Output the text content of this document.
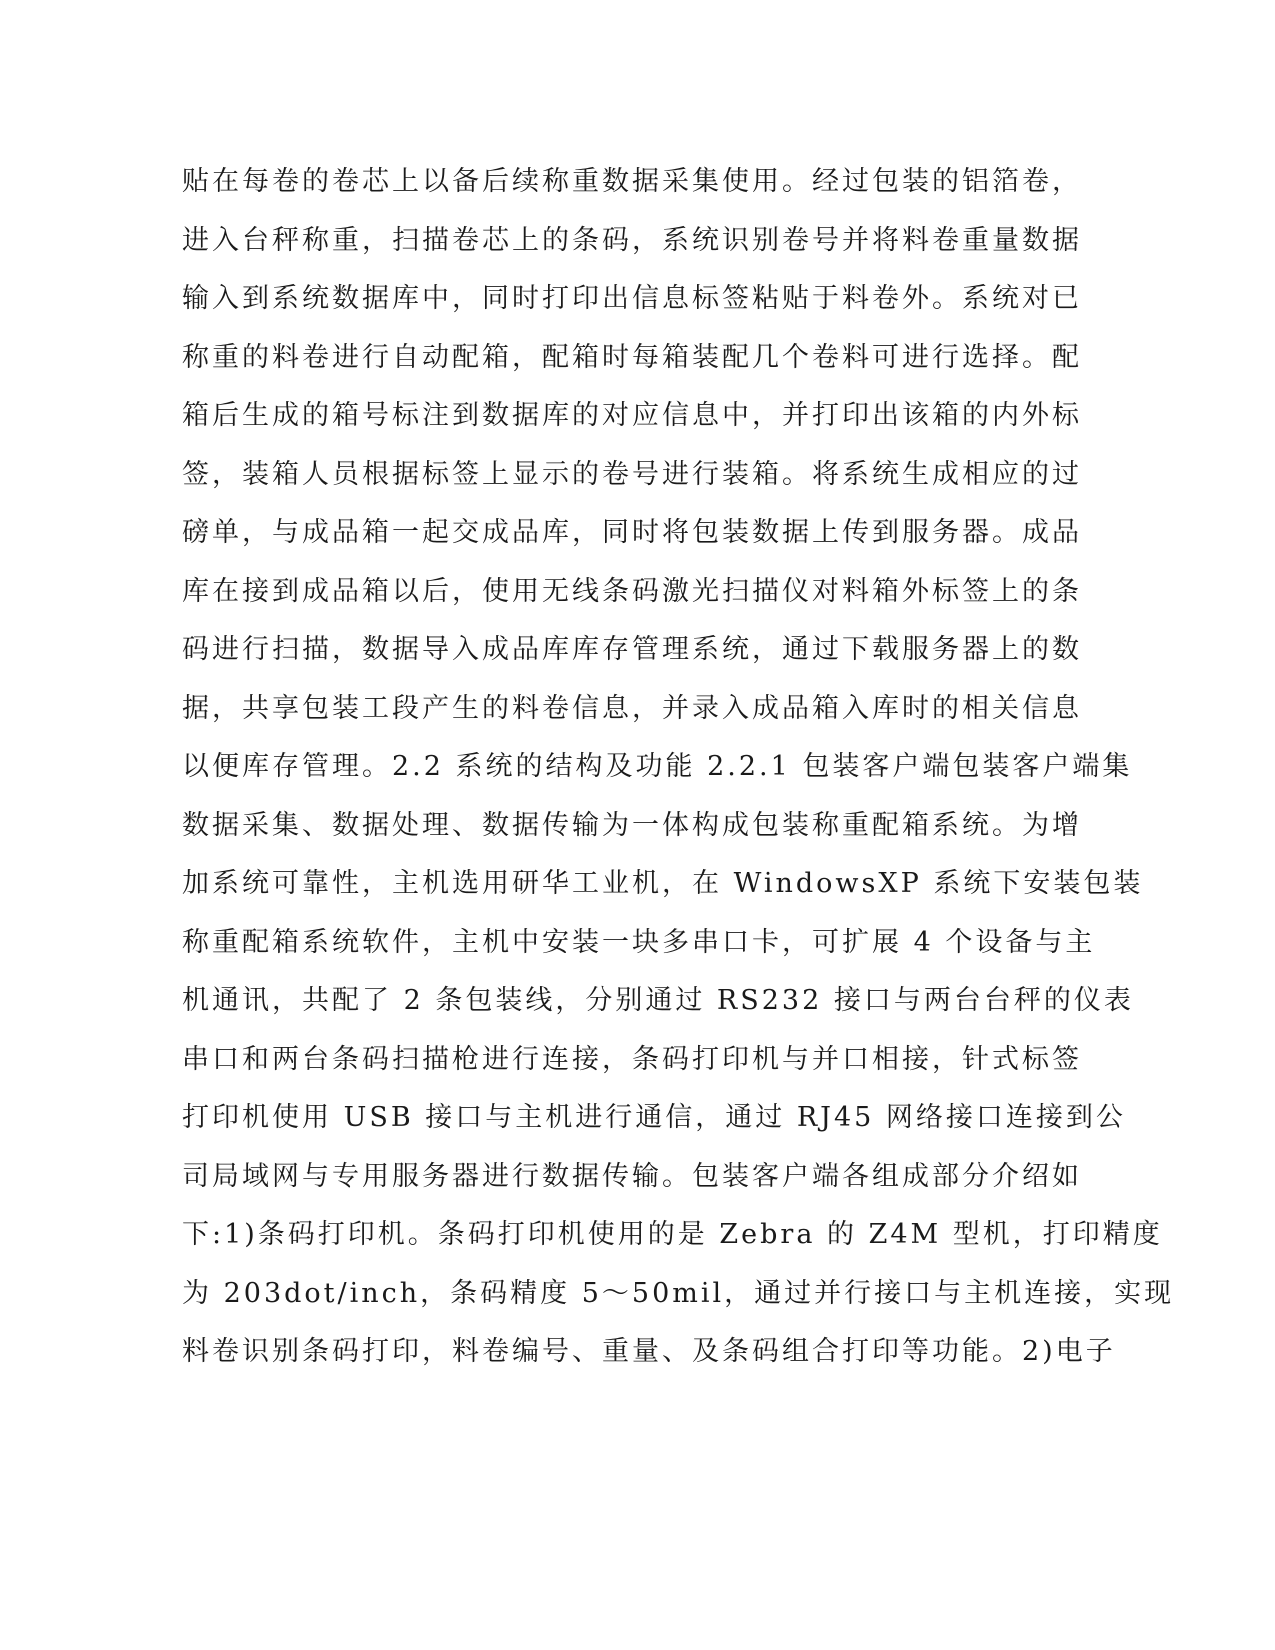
贴在每卷的卷芯上以备后续称重数据采集使用。经过包装的铝箔卷，
进入台秤称重，扫描卷芯上的条码，系统识别卷号并将料卷重量数据
输入到系统数据库中，同时打印出信息标签粘贴于料卷外。系统对已
称重的料卷进行自动配箱，配箱时每箱装配几个卷料可进行选择。配
箱后生成的箱号标注到数据库的对应信息中，并打印出该箱的内外标
签，装箱人员根据标签上显示的卷号进行装箱。将系统生成相应的过
磅单，与成品箱一起交成品库，同时将包装数据上传到服务器。成品
库在接到成品箱以后，使用无线条码激光扫描仪对料箱外标签上的条
码进行扫描，数据导入成品库库存管理系统，通过下载服务器上的数
据，共享包装工段产生的料卷信息，并录入成品箱入库时的相关信息
以便库存管理。2.2 系统的结构及功能 2.2.1 包装客户端包装客户端集
数据采集、数据处理、数据传输为一体构成包装称重配箱系统。为增
加系统可靠性，主机选用研华工业机，在 WindowsXP 系统下安装包装
称重配箱系统软件，主机中安装一块多串口卡，可扩展 4 个设备与主
机通讯，共配了 2 条包装线，分别通过 RS232 接口与两台台秤的仪表
串口和两台条码扫描枪进行连接，条码打印机与并口相接，针式标签
打印机使用 USB 接口与主机进行通信，通过 RJ45 网络接口连接到公
司局域网与专用服务器进行数据传输。包装客户端各组成部分介绍如
下:1)条码打印机。条码打印机使用的是 Zebra 的 Z4M 型机，打印精度
为 203dot/inch，条码精度 5～50mil，通过并行接口与主机连接，实现
料卷识别条码打印，料卷编号、重量、及条码组合打印等功能。2)电子
